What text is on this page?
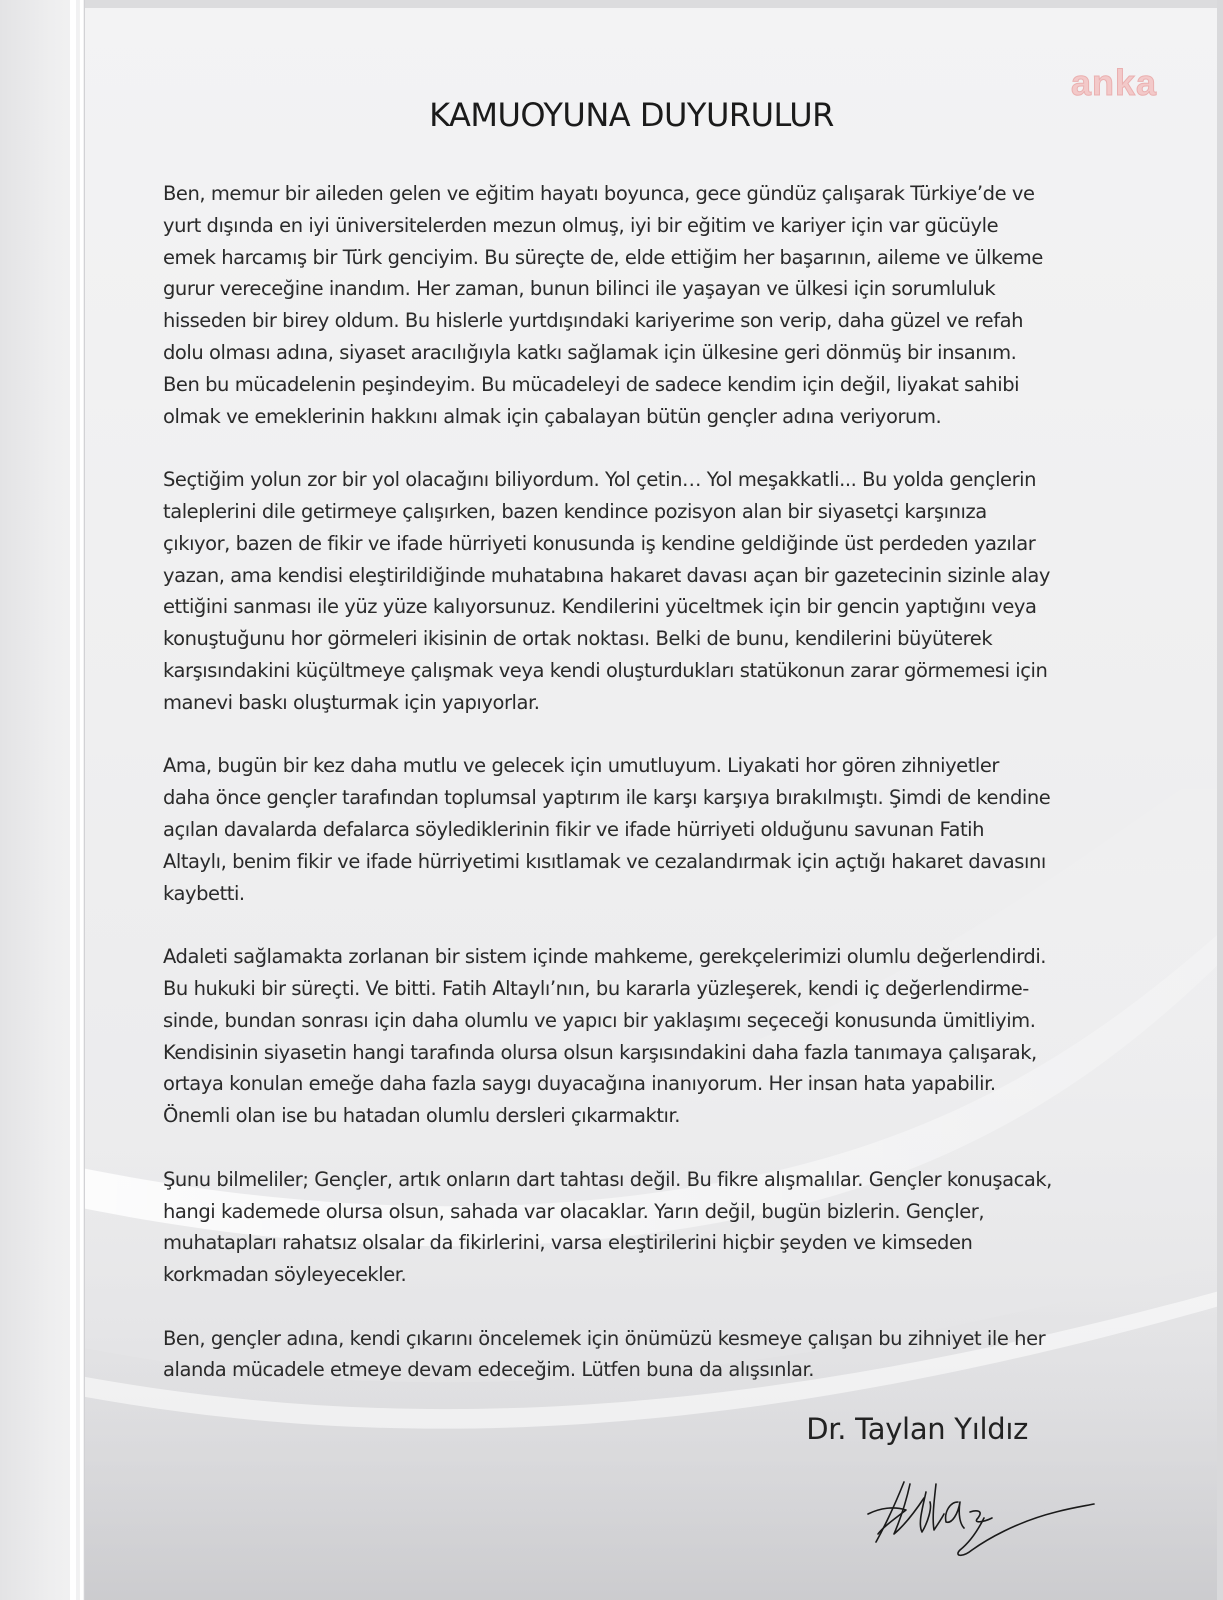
anka
KAMUOYUNA DUYURULUR
Ben, memur bir aileden gelen ve eğitim hayatı boyunca, gece gündüz çalışarak Türkiye’de ve
yurt dışında en iyi üniversitelerden mezun olmuş, iyi bir eğitim ve kariyer için var gücüyle
emek harcamış bir Türk genciyim. Bu süreçte de, elde ettiğim her başarının, aileme ve ülkeme
gurur vereceğine inandım. Her zaman, bunun bilinci ile yaşayan ve ülkesi için sorumluluk
hisseden bir birey oldum. Bu hislerle yurtdışındaki kariyerime son verip, daha güzel ve refah
dolu olması adına, siyaset aracılığıyla katkı sağlamak için ülkesine geri dönmüş bir insanım.
Ben bu mücadelenin peşindeyim. Bu mücadeleyi de sadece kendim için değil, liyakat sahibi
olmak ve emeklerinin hakkını almak için çabalayan bütün gençler adına veriyorum.
Seçtiğim yolun zor bir yol olacağını biliyordum. Yol çetin… Yol meşakkatli... Bu yolda gençlerin
taleplerini dile getirmeye çalışırken, bazen kendince pozisyon alan bir siyasetçi karşınıza
çıkıyor, bazen de fikir ve ifade hürriyeti konusunda iş kendine geldiğinde üst perdeden yazılar
yazan, ama kendisi eleştirildiğinde muhatabına hakaret davası açan bir gazetecinin sizinle alay
ettiğini sanması ile yüz yüze kalıyorsunuz. Kendilerini yüceltmek için bir gencin yaptığını veya
konuştuğunu hor görmeleri ikisinin de ortak noktası. Belki de bunu, kendilerini büyüterek
karşısındakini küçültmeye çalışmak veya kendi oluşturdukları statükonun zarar görmemesi için
manevi baskı oluşturmak için yapıyorlar.
Ama, bugün bir kez daha mutlu ve gelecek için umutluyum. Liyakati hor gören zihniyetler
daha önce gençler tarafından toplumsal yaptırım ile karşı karşıya bırakılmıştı. Şimdi de kendine
açılan davalarda defalarca söylediklerinin fikir ve ifade hürriyeti olduğunu savunan Fatih
Altaylı, benim fikir ve ifade hürriyetimi kısıtlamak ve cezalandırmak için açtığı hakaret davasını
kaybetti.
Adaleti sağlamakta zorlanan bir sistem içinde mahkeme, gerekçelerimizi olumlu değerlendirdi.
Bu hukuki bir süreçti. Ve bitti. Fatih Altaylı’nın, bu kararla yüzleşerek, kendi iç değerlendirme-
sinde, bundan sonrası için daha olumlu ve yapıcı bir yaklaşımı seçeceği konusunda ümitliyim.
Kendisinin siyasetin hangi tarafında olursa olsun karşısındakini daha fazla tanımaya çalışarak,
ortaya konulan emeğe daha fazla saygı duyacağına inanıyorum. Her insan hata yapabilir.
Önemli olan ise bu hatadan olumlu dersleri çıkarmaktır.
Şunu bilmeliler; Gençler, artık onların dart tahtası değil. Bu fikre alışmalılar. Gençler konuşacak,
hangi kademede olursa olsun, sahada var olacaklar. Yarın değil, bugün bizlerin. Gençler,
muhatapları rahatsız olsalar da fikirlerini, varsa eleştirilerini hiçbir şeyden ve kimseden
korkmadan söyleyecekler.
Ben, gençler adına, kendi çıkarını öncelemek için önümüzü kesmeye çalışan bu zihniyet ile her
alanda mücadele etmeye devam edeceğim. Lütfen buna da alışsınlar.
Dr. Taylan Yıldız
